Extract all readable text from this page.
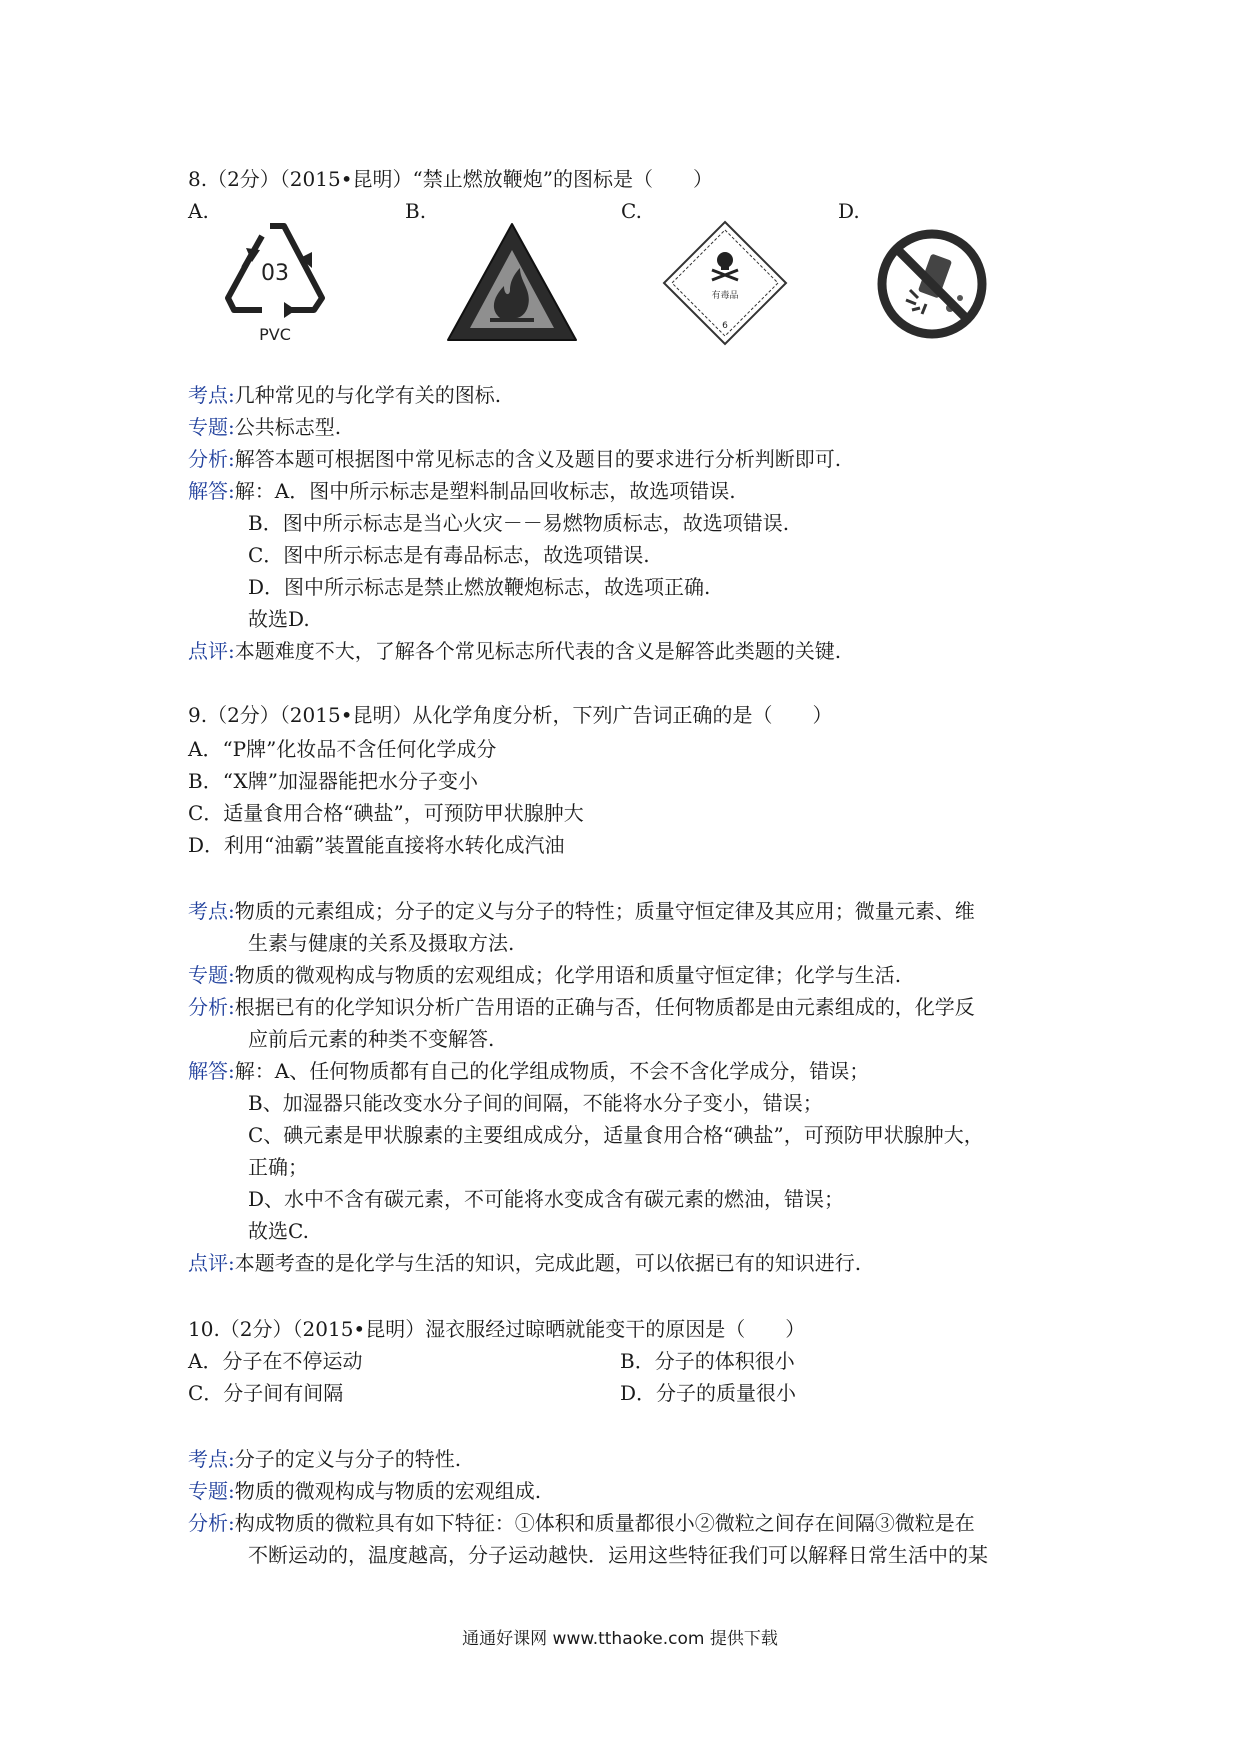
8.（2分）（2015•昆明）“禁止燃放鞭炮”的图标是（　　）
A.	B.	C.	D.
03
PVC
有毒品
6
考点:几种常见的与化学有关的图标.
专题:公共标志型.
分析:解答本题可根据图中常见标志的含义及题目的要求进行分析判断即可.
解答:解：A．图中所示标志是塑料制品回收标志，故选项错误.
B．图中所示标志是当心火灾－－易燃物质标志，故选项错误.
C．图中所示标志是有毒品标志，故选项错误.
D．图中所示标志是禁止燃放鞭炮标志，故选项正确.
故选D.
点评:本题难度不大，了解各个常见标志所代表的含义是解答此类题的关键.
9.（2分）（2015•昆明）从化学角度分析，下列广告词正确的是（　　）
A．“P牌”化妆品不含任何化学成分
B．“X牌”加湿器能把水分子变小
C．适量食用合格“碘盐”，可预防甲状腺肿大
D．利用“油霸”装置能直接将水转化成汽油
考点:物质的元素组成；分子的定义与分子的特性；质量守恒定律及其应用；微量元素、维
生素与健康的关系及摄取方法.
专题:物质的微观构成与物质的宏观组成；化学用语和质量守恒定律；化学与生活.
分析:根据已有的化学知识分析广告用语的正确与否，任何物质都是由元素组成的，化学反
应前后元素的种类不变解答.
解答:解：A、任何物质都有自己的化学组成物质，不会不含化学成分，错误；
B、加湿器只能改变水分子间的间隔，不能将水分子变小，错误；
C、碘元素是甲状腺素的主要组成成分，适量食用合格“碘盐”，可预防甲状腺肿大，
正确；
D、水中不含有碳元素，不可能将水变成含有碳元素的燃油，错误；
故选C.
点评:本题考查的是化学与生活的知识，完成此题，可以依据已有的知识进行.
10.（2分）（2015•昆明）湿衣服经过晾晒就能变干的原因是（　　）
A．分子在不停运动	B．分子的体积很小
C．分子间有间隔	D．分子的质量很小
考点:分子的定义与分子的特性.
专题:物质的微观构成与物质的宏观组成.
分析:构成物质的微粒具有如下特征：①体积和质量都很小②微粒之间存在间隔③微粒是在
不断运动的，温度越高，分子运动越快．运用这些特征我们可以解释日常生活中的某
通通好课网 www.tthaoke.com 提供下载
